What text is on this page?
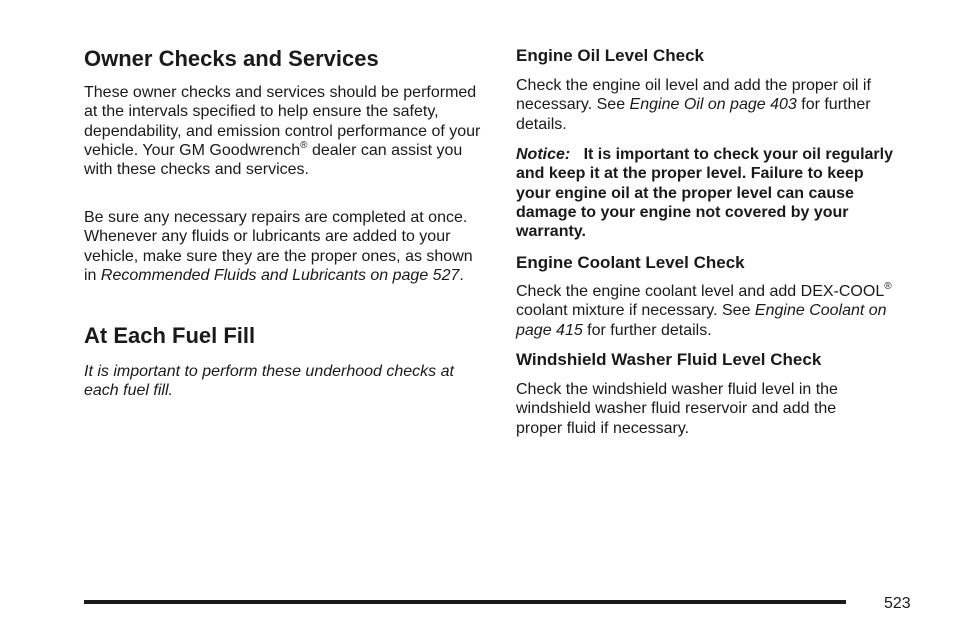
Owner Checks and Services

These owner checks and services should be performed at the intervals specified to help ensure the safety, dependability, and emission control performance of your vehicle. Your GM Goodwrench® dealer can assist you with these checks and services.

Be sure any necessary repairs are completed at once. Whenever any fluids or lubricants are added to your vehicle, make sure they are the proper ones, as shown in Recommended Fluids and Lubricants on page 527.

At Each Fuel Fill

It is important to perform these underhood checks at each fuel fill.

Engine Oil Level Check

Check the engine oil level and add the proper oil if necessary. See Engine Oil on page 403 for further details.

Notice: It is important to check your oil regularly and keep it at the proper level. Failure to keep your engine oil at the proper level can cause damage to your engine not covered by your warranty.

Engine Coolant Level Check

Check the engine coolant level and add DEX-COOL® coolant mixture if necessary. See Engine Coolant on page 415 for further details.

Windshield Washer Fluid Level Check

Check the windshield washer fluid level in the windshield washer fluid reservoir and add the proper fluid if necessary.

523
